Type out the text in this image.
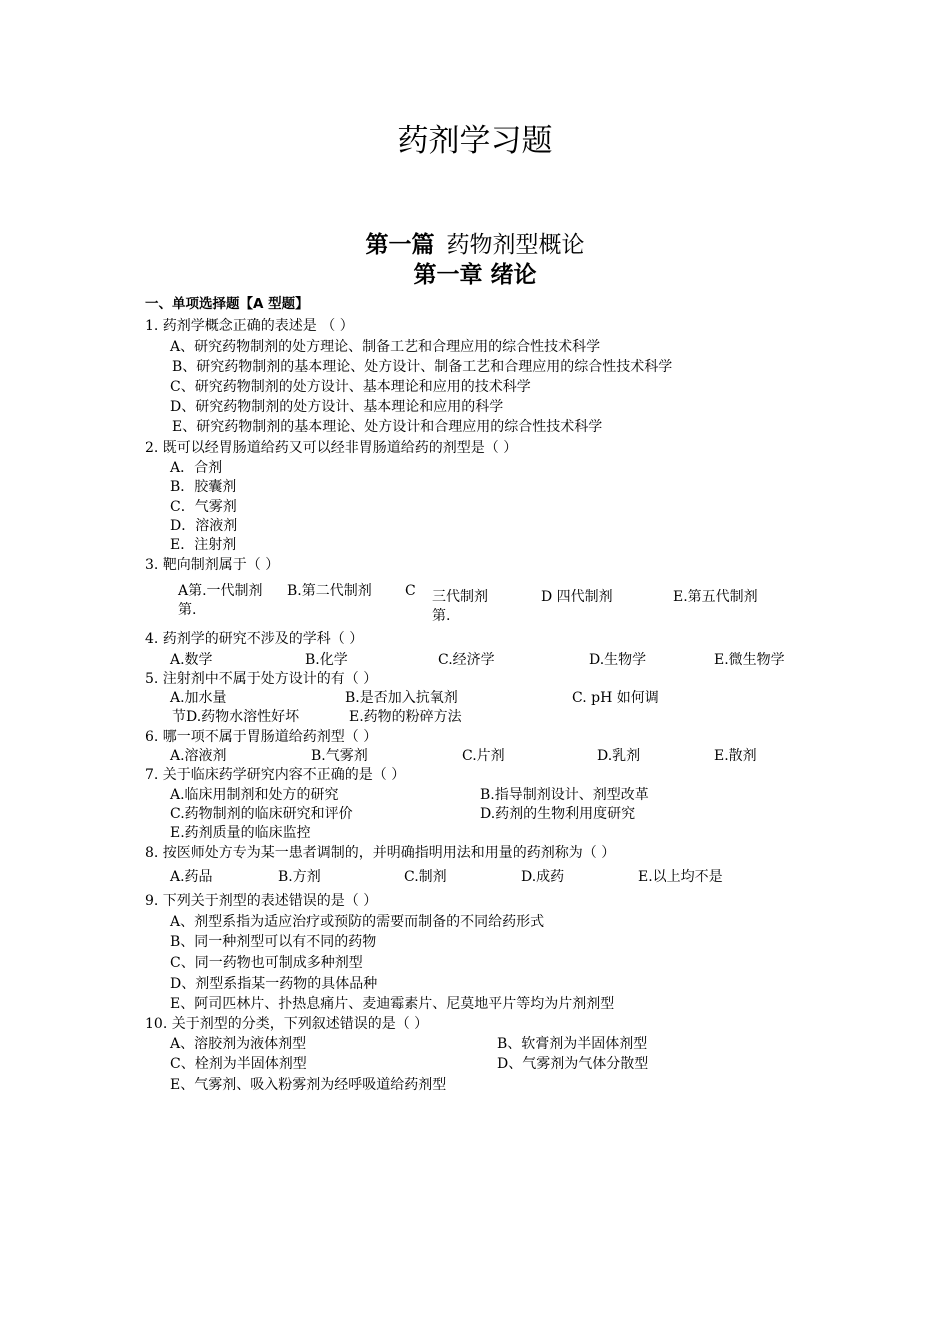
药剂学习题
第一篇 药物剂型概论
第一章 绪论
一、单项选择题【A 型题】
1. 药剂学概念正确的表述是 （ ）
A、研究药物制剂的处方理论、制备工艺和合理应用的综合性技术科学
B、研究药物制剂的基本理论、处方设计、制备工艺和合理应用的综合性技术科学
C、研究药物制剂的处方设计、基本理论和应用的技术科学
D、研究药物制剂的处方设计、基本理论和应用的科学
E、研究药物制剂的基本理论、处方设计和合理应用的综合性技术科学
2. 既可以经胃肠道给药又可以经非胃肠道给药的剂型是（ ）
A．合剂
B．胶囊剂
C．气雾剂
D．溶液剂
E．注射剂
3. 靶向制剂属于（ ）
A第.一代制剂 B.第二代制剂 C
第.
三代制剂
第.
D 四代制剂	E.第五代制剂
4. 药剂学的研究不涉及的学科（ ）
A.数学	B.化学	C.经济学	D.生物学	E.微生物学
5. 注射剂中不属于处方设计的有（ ）
A.加水量	B.是否加入抗氧剂	C. pH 如何调
节D.药物水溶性好坏	E.药物的粉碎方法
6. 哪一项不属于胃肠道给药剂型（ ）
A.溶液剂	B.气雾剂	C.片剂	D.乳剂	E.散剂
7. 关于临床药学研究内容不正确的是（ ）
A.临床用制剂和处方的研究	B.指导制剂设计、剂型改革
C.药物制剂的临床研究和评价	D.药剂的生物利用度研究
E.药剂质量的临床监控
8. 按医师处方专为某一患者调制的，并明确指明用法和用量的药剂称为（ ）
A.药品	B.方剂	C.制剂	D.成药	E.以上均不是
9. 下列关于剂型的表述错误的是（ ）
A、剂型系指为适应治疗或预防的需要而制备的不同给药形式
B、同一种剂型可以有不同的药物
C、同一药物也可制成多种剂型
D、剂型系指某一药物的具体品种
E、阿司匹林片、扑热息痛片、麦迪霉素片、尼莫地平片等均为片剂剂型
10. 关于剂型的分类，下列叙述错误的是（ ）
A、溶胶剂为液体剂型	B、软膏剂为半固体剂型
C、栓剂为半固体剂型	D、气雾剂为气体分散型
E、气雾剂、吸入粉雾剂为经呼吸道给药剂型
